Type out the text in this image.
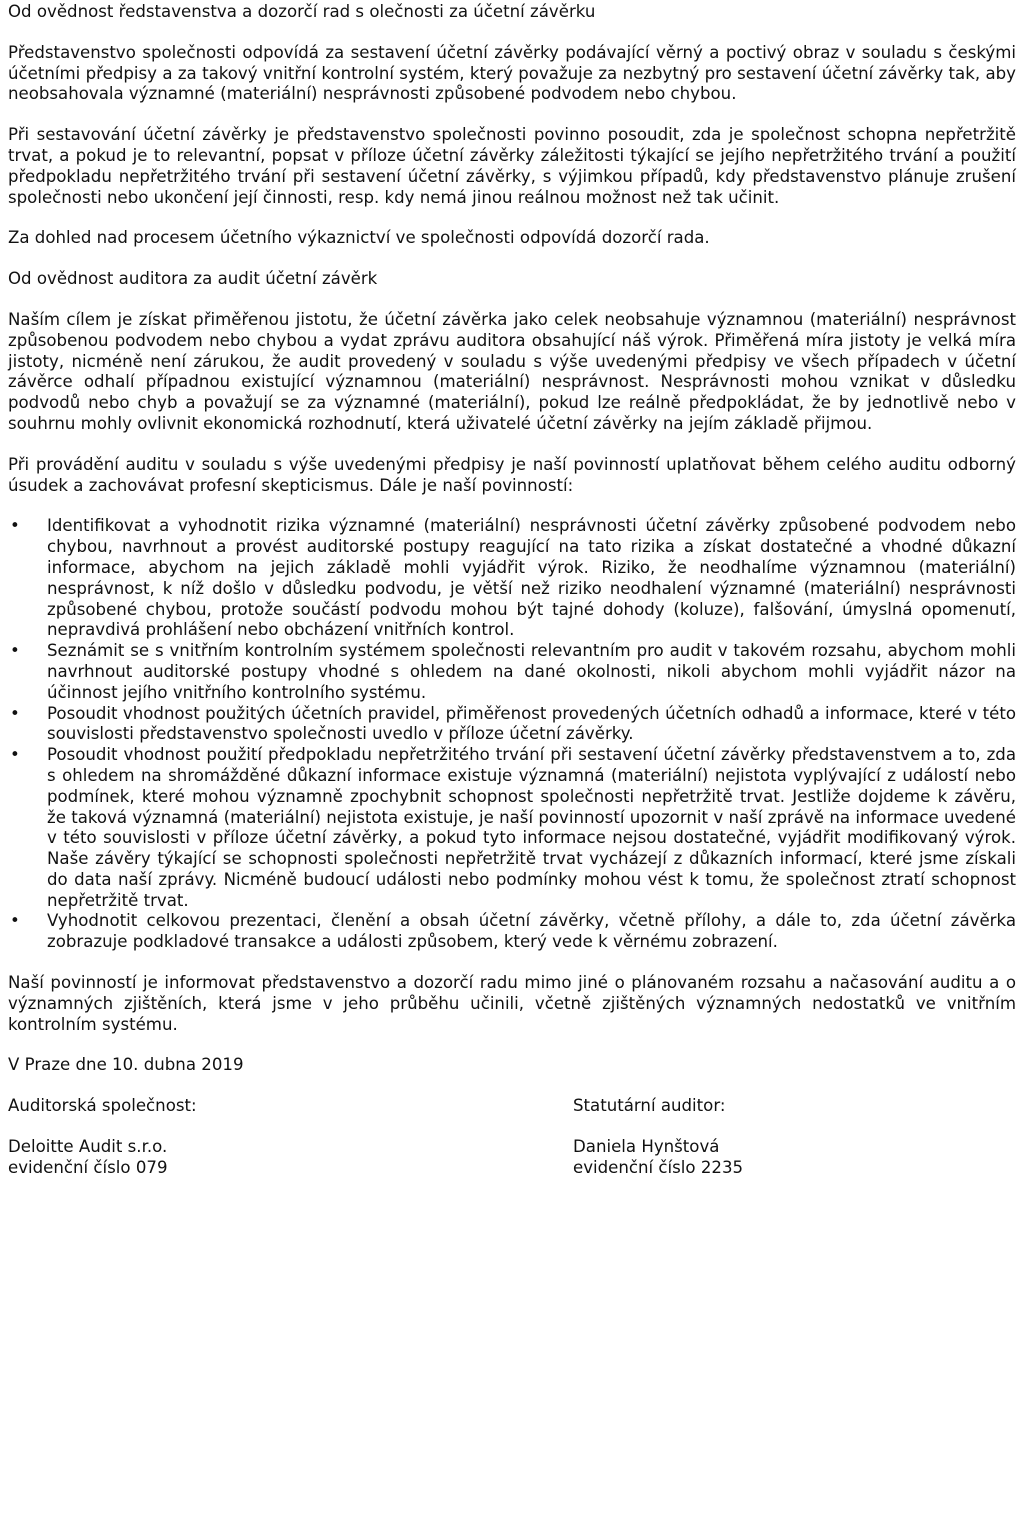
Od ovědnost ředstavenstva a dozorčí rad s olečnosti za účetní závěrku

Představenstvo společnosti odpovídá za sestavení účetní závěrky podávající věrný a poctivý obraz v souladu s českými účetními předpisy a za takový vnitřní kontrolní systém, který považuje za nezbytný pro sestavení účetní závěrky tak, aby neobsahovala významné (materiální) nesprávnosti způsobené podvodem nebo chybou.

Při sestavování účetní závěrky je představenstvo společnosti povinno posoudit, zda je společnost schopna nepřetržitě trvat, a pokud je to relevantní, popsat v příloze účetní závěrky záležitosti týkající se jejího nepřetržitého trvání a použití předpokladu nepřetržitého trvání při sestavení účetní závěrky, s výjimkou případů, kdy představenstvo plánuje zrušení společnosti nebo ukončení její činnosti, resp. kdy nemá jinou reálnou možnost než tak učinit.

Za dohled nad procesem účetního výkaznictví ve společnosti odpovídá dozorčí rada.

Od ovědnost auditora za audit účetní závěrk

Naším cílem je získat přiměřenou jistotu, že účetní závěrka jako celek neobsahuje významnou (materiální) nesprávnost způsobenou podvodem nebo chybou a vydat zprávu auditora obsahující náš výrok. Přiměřená míra jistoty je velká míra jistoty, nicméně není zárukou, že audit provedený v souladu s výše uvedenými předpisy ve všech případech v účetní závěrce odhalí případnou existující významnou (materiální) nesprávnost. Nesprávnosti mohou vznikat v důsledku podvodů nebo chyb a považují se za významné (materiální), pokud lze reálně předpokládat, že by jednotlivě nebo v souhrnu mohly ovlivnit ekonomická rozhodnutí, která uživatelé účetní závěrky na jejím základě přijmou.

Při provádění auditu v souladu s výše uvedenými předpisy je naší povinností uplatňovat během celého auditu odborný úsudek a zachovávat profesní skepticismus. Dále je naší povinností:

• Identifikovat a vyhodnotit rizika významné (materiální) nesprávnosti účetní závěrky způsobené podvodem nebo chybou, navrhnout a provést auditorské postupy reagující na tato rizika a získat dostatečné a vhodné důkazní informace, abychom na jejich základě mohli vyjádřit výrok. Riziko, že neodhalíme významnou (materiální) nesprávnost, k níž došlo v důsledku podvodu, je větší než riziko neodhalení významné (materiální) nesprávnosti způsobené chybou, protože součástí podvodu mohou být tajné dohody (koluze), falšování, úmyslná opomenutí, nepravdivá prohlášení nebo obcházení vnitřních kontrol.
• Seznámit se s vnitřním kontrolním systémem společnosti relevantním pro audit v takovém rozsahu, abychom mohli navrhnout auditorské postupy vhodné s ohledem na dané okolnosti, nikoli abychom mohli vyjádřit názor na účinnost jejího vnitřního kontrolního systému.
• Posoudit vhodnost použitých účetních pravidel, přiměřenost provedených účetních odhadů a informace, které v této souvislosti představenstvo společnosti uvedlo v příloze účetní závěrky.
• Posoudit vhodnost použití předpokladu nepřetržitého trvání při sestavení účetní závěrky představenstvem a to, zda s ohledem na shromážděné důkazní informace existuje významná (materiální) nejistota vyplývající z událostí nebo podmínek, které mohou významně zpochybnit schopnost společnosti nepřetržitě trvat. Jestliže dojdeme k závěru, že taková významná (materiální) nejistota existuje, je naší povinností upozornit v naší zprávě na informace uvedené v této souvislosti v příloze účetní závěrky, a pokud tyto informace nejsou dostatečné, vyjádřit modifikovaný výrok. Naše závěry týkající se schopnosti společnosti nepřetržitě trvat vycházejí z důkazních informací, které jsme získali do data naší zprávy. Nicméně budoucí události nebo podmínky mohou vést k tomu, že společnost ztratí schopnost nepřetržitě trvat.
• Vyhodnotit celkovou prezentaci, členění a obsah účetní závěrky, včetně přílohy, a dále to, zda účetní závěrka zobrazuje podkladové transakce a události způsobem, který vede k věrnému zobrazení.

Naší povinností je informovat představenstvo a dozorčí radu mimo jiné o plánovaném rozsahu a načasování auditu a o významných zjištěních, která jsme v jeho průběhu učinili, včetně zjištěných významných nedostatků ve vnitřním kontrolním systému.

V Praze dne 10. dubna 2019
Auditorská společnost:
Deloitte Audit s.r.o.
evidenční číslo 079
Statutární auditor:
Daniela Hynštová
evidenční číslo 2235
